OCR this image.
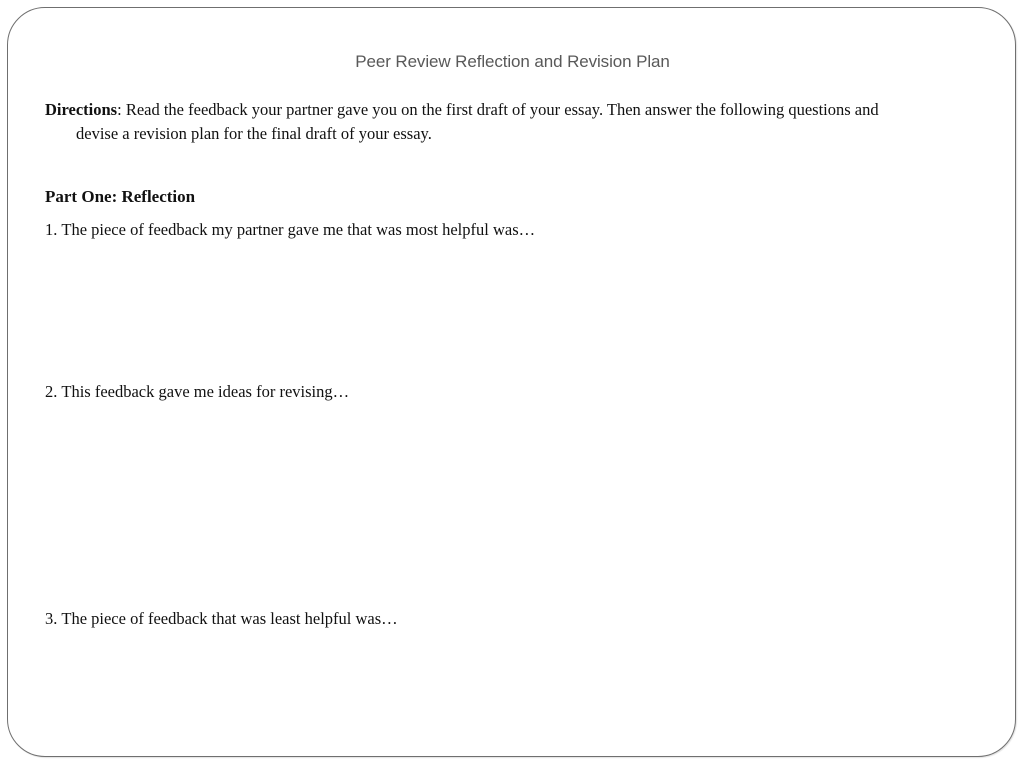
Peer Review Reflection and Revision Plan
Directions: Read the feedback your partner gave you on the first draft of your essay. Then answer the following questions and
devise a revision plan for the final draft of your essay.
Part One: Reflection
1. The piece of feedback my partner gave me that was most helpful was…
2. This feedback gave me ideas for revising…
3. The piece of feedback that was least helpful was…
